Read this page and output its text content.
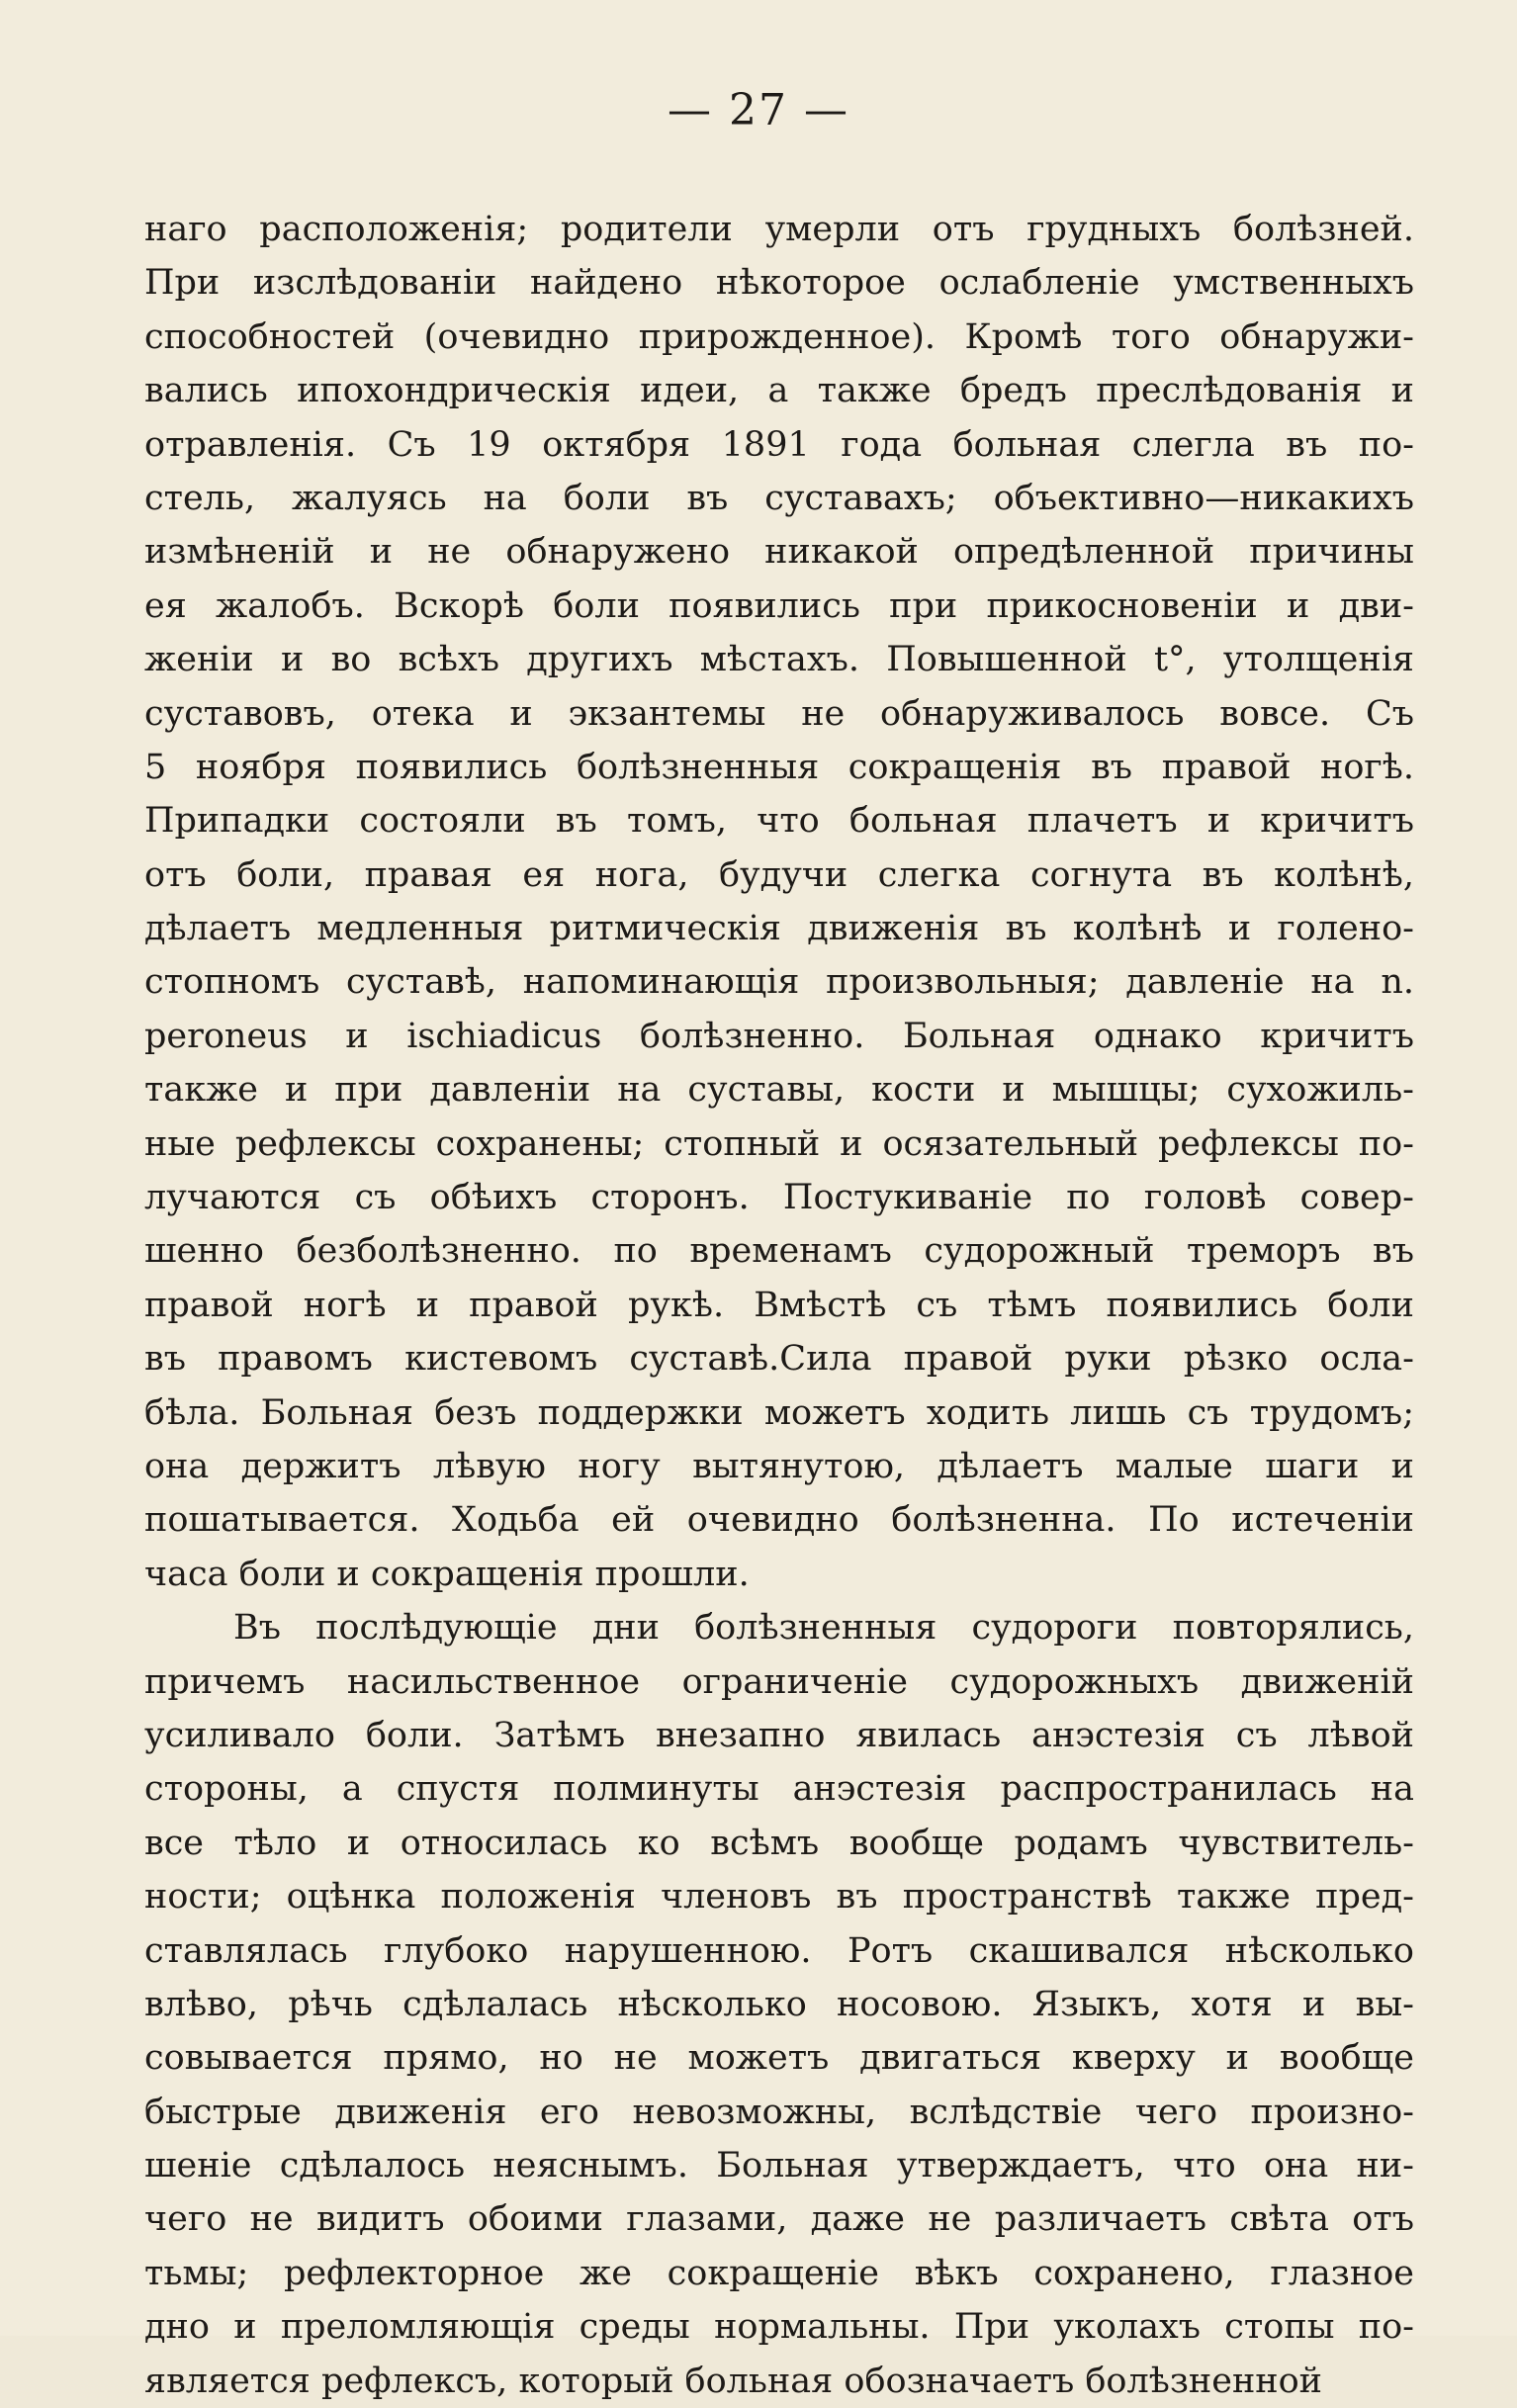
— 27 —
наго расположенія; родители умерли отъ грудныхъ болѣзней.
При изслѣдованіи найдено нѣкоторое ослабленіе умственныхъ
способностей (очевидно прирожденное). Кромѣ того обнаружи-
вались ипохондрическія идеи, а также бредъ преслѣдованія и
отравленія. Съ 19 октября 1891 года больная слегла въ по-
стель, жалуясь на боли въ суставахъ; объективно—никакихъ
измѣненій и не обнаружено никакой опредѣленной причины
ея жалобъ. Вскорѣ боли появились при прикосновеніи и дви-
женіи и во всѣхъ другихъ мѣстахъ. Повышенной t°, утолщенія
суставовъ, отека и экзантемы не обнаруживалось вовсе. Съ
5 ноября появились болѣзненныя сокращенія въ правой ногѣ.
Припадки состояли въ томъ, что больная плачетъ и кричитъ
отъ боли, правая ея нога, будучи слегка согнута въ колѣнѣ,
дѣлаетъ медленныя ритмическія движенія въ колѣнѣ и голено-
стопномъ суставѣ, напоминающія произвольныя; давленіе на n.
peroneus и ischiadicus болѣзненно. Больная однако кричитъ
также и при давленіи на суставы, кости и мышцы; сухожиль-
ные рефлексы сохранены; стопный и осязательный рефлексы по-
лучаются съ обѣихъ сторонъ. Постукиваніе по головѣ совер-
шенно безболѣзненно. по временамъ судорожный треморъ въ
правой ногѣ и правой рукѣ. Вмѣстѣ съ тѣмъ появились боли
въ правомъ кистевомъ суставѣ.Сила правой руки рѣзко осла-
бѣла. Больная безъ поддержки можетъ ходить лишь съ трудомъ;
она держитъ лѣвую ногу вытянутою, дѣлаетъ малые шаги и
пошатывается. Ходьба ей очевидно болѣзненна. По истеченіи
часа боли и сокращенія прошли.
Въ послѣдующіе дни болѣзненныя судороги повторялись,
причемъ насильственное ограниченіе судорожныхъ движеній
усиливало боли. Затѣмъ внезапно явилась анэстезія съ лѣвой
стороны, а спустя полминуты анэстезія распространилась на
все тѣло и относилась ко всѣмъ вообще родамъ чувствитель-
ности; оцѣнка положенія членовъ въ пространствѣ также пред-
ставлялась глубоко нарушенною. Ротъ скашивался нѣсколько
влѣво, рѣчь сдѣлалась нѣсколько носовою. Языкъ, хотя и вы-
совывается прямо, но не можетъ двигаться кверху и вообще
быстрые движенія его невозможны, вслѣдствіе чего произно-
шеніе сдѣлалось неяснымъ. Больная утверждаетъ, что она ни-
чего не видитъ обоими глазами, даже не различаетъ свѣта отъ
тьмы; рефлекторное же сокращеніе вѣкъ сохранено, глазное
дно и преломляющія среды нормальны. При уколахъ стопы по-
является рефлексъ, который больная обозначаетъ болѣзненной
